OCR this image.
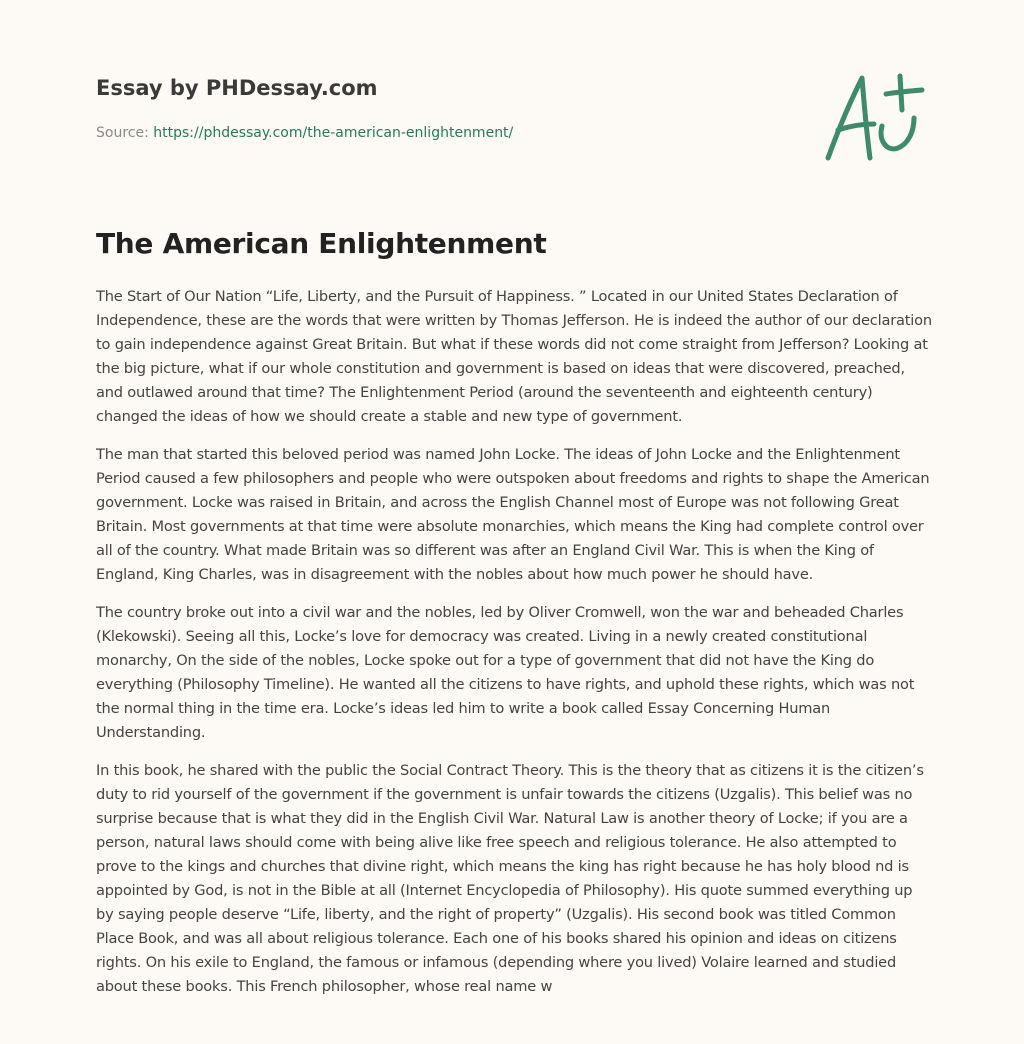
Essay by PHDessay.com
Source: https://phdessay.com/the-american-enlightenment/
The American Enlightenment

The Start of Our Nation “Life, Liberty, and the Pursuit of Happiness. ” Located in our United States Declaration of Independence, these are the words that were written by Thomas Jefferson. He is indeed the author of our declaration to gain independence against Great Britain. But what if these words did not come straight from Jefferson? Looking at the big picture, what if our whole constitution and government is based on ideas that were discovered, preached, and outlawed around that time? The Enlightenment Period (around the seventeenth and eighteenth century) changed the ideas of how we should create a stable and new type of government.

The man that started this beloved period was named John Locke. The ideas of John Locke and the Enlightenment Period caused a few philosophers and people who were outspoken about freedoms and rights to shape the American government. Locke was raised in Britain, and across the English Channel most of Europe was not following Great Britain. Most governments at that time were absolute monarchies, which means the King had complete control over all of the country. What made Britain was so different was after an England Civil War. This is when the King of England, King Charles, was in disagreement with the nobles about how much power he should have.

The country broke out into a civil war and the nobles, led by Oliver Cromwell, won the war and beheaded Charles (Klekowski). Seeing all this, Locke’s love for democracy was created. Living in a newly created constitutional monarchy, On the side of the nobles, Locke spoke out for a type of government that did not have the King do everything (Philosophy Timeline). He wanted all the citizens to have rights, and uphold these rights, which was not the normal thing in the time era. Locke’s ideas led him to write a book called Essay Concerning Human Understanding.

In this book, he shared with the public the Social Contract Theory. This is the theory that as citizens it is the citizen’s duty to rid yourself of the government if the government is unfair towards the citizens (Uzgalis). This belief was no surprise because that is what they did in the English Civil War. Natural Law is another theory of Locke; if you are a person, natural laws should come with being alive like free speech and religious tolerance. He also attempted to prove to the kings and churches that divine right, which means the king has right because he has holy blood nd is appointed by God, is not in the Bible at all (Internet Encyclopedia of Philosophy). His quote summed everything up by saying people deserve “Life, liberty, and the right of property” (Uzgalis). His second book was titled Common Place Book, and was all about religious tolerance. Each one of his books shared his opinion and ideas on citizens rights. On his exile to England, the famous or infamous (depending where you lived) Volaire learned and studied about these books. This French philosopher, whose real name w
